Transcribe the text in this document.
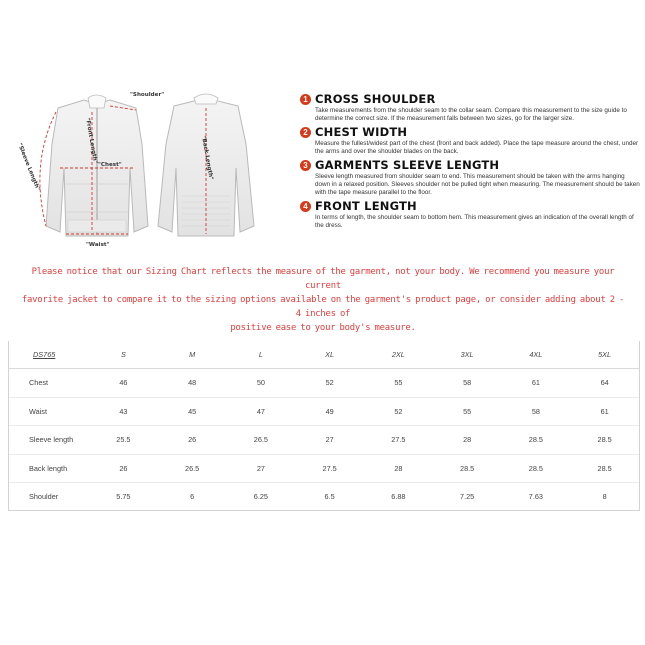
"Shoulder"
"Front Length"
"Sleeve Length"	"Chest"
"Waist"
"Back Length"
1 CROSS SHOULDER
Take measurements from the shoulder seam to the collar seam. Compare this measurement to the size guide to determine the correct size. If the measurement falls between two sizes, go for the larger size.
2 CHEST WIDTH
Measure the fullest/widest part of the chest (front and back added). Place the tape measure around the chest, under the arms and over the shoulder blades on the back.
3 GARMENTS SLEEVE LENGTH
Sleeve length measured from shoulder seam to end. This measurement should be taken with the arms hanging down in a relaxed position. Sleeves shoulder not be pulled tight when measuring. The measurement should be taken with the tape measure parallel to the floor.
4 FRONT LENGTH
In terms of length, the shoulder seam to bottom hem. This measurement gives an indication of the overall length of the dress.
Please notice that our Sizing Chart reflects the measure of the garment, not your body. We recommend you measure your current
favorite jacket to compare it to the sizing options available on the garment's product page, or consider adding about 2 - 4 inches of
positive ease to your body's measure.
DS765	S	M	L	XL	2XL	3XL	4XL	5XL
Chest	46	48	50	52	55	58	61	64
Waist	43	45	47	49	52	55	58	61
Sleeve length	25.5	26	26.5	27	27.5	28	28.5	28.5
Back length	26	26.5	27	27.5	28	28.5	28.5	28.5
Shoulder	5.75	6	6.25	6.5	6.88	7.25	7.63	8
